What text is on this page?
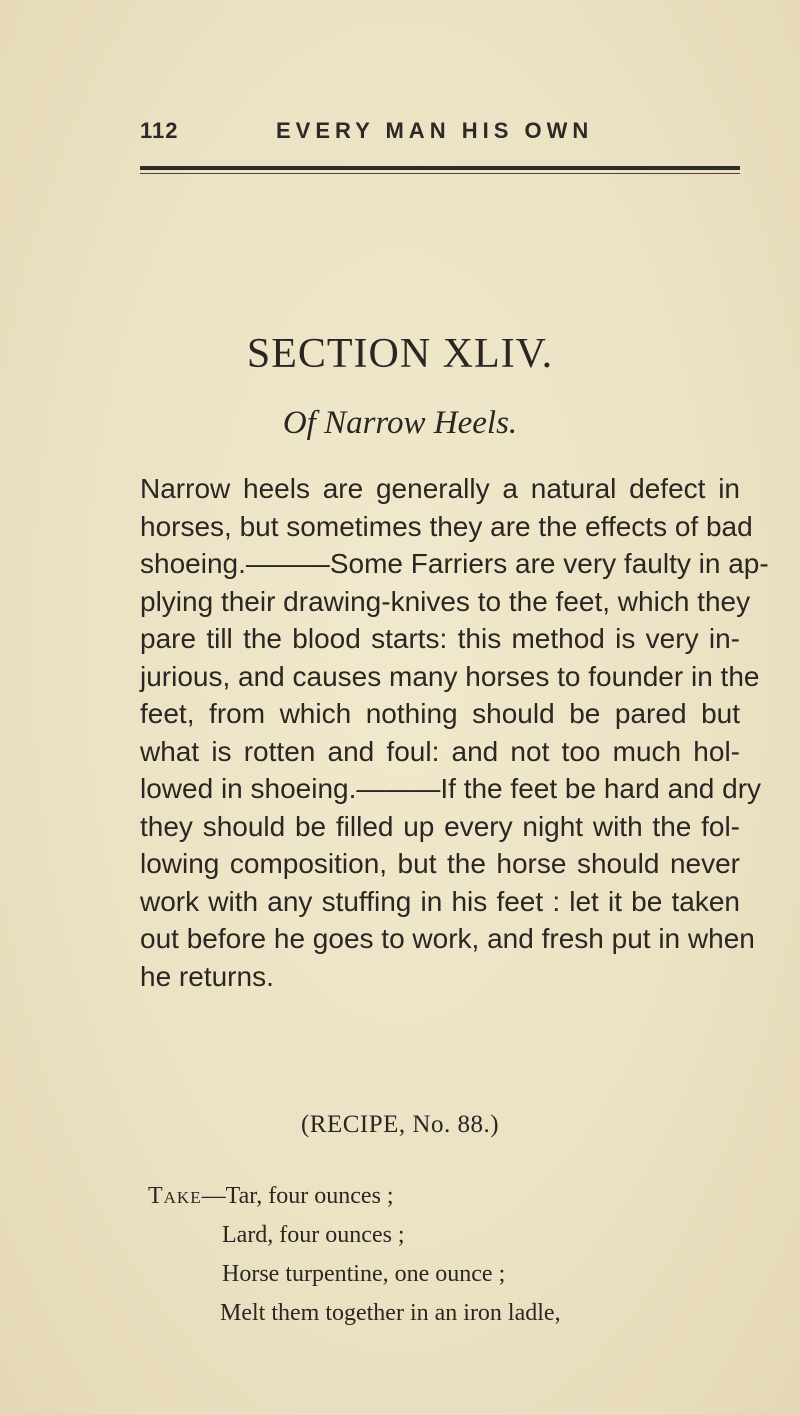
112	EVERY MAN HIS OWN
SECTION XLIV.
Of Narrow Heels.
Narrow heels are generally a natural defect in
horses, but sometimes they are the effects of bad
shoeing.———Some Farriers are very faulty in ap-
plying their drawing-knives to the feet, which they
pare till the blood starts: this method is very in-
jurious, and causes many horses to founder in the
feet, from which nothing should be pared but
what is rotten and foul: and not too much hol-
lowed in shoeing.———If the feet be hard and dry
they should be filled up every night with the fol-
lowing composition, but the horse should never
work with any stuffing in his feet : let it be taken
out before he goes to work, and fresh put in when
he returns.
(RECIPE, No. 88.)
Take—Tar, four ounces ;
Lard, four ounces ;
Horse turpentine, one ounce ;
Melt them together in an iron ladle,
